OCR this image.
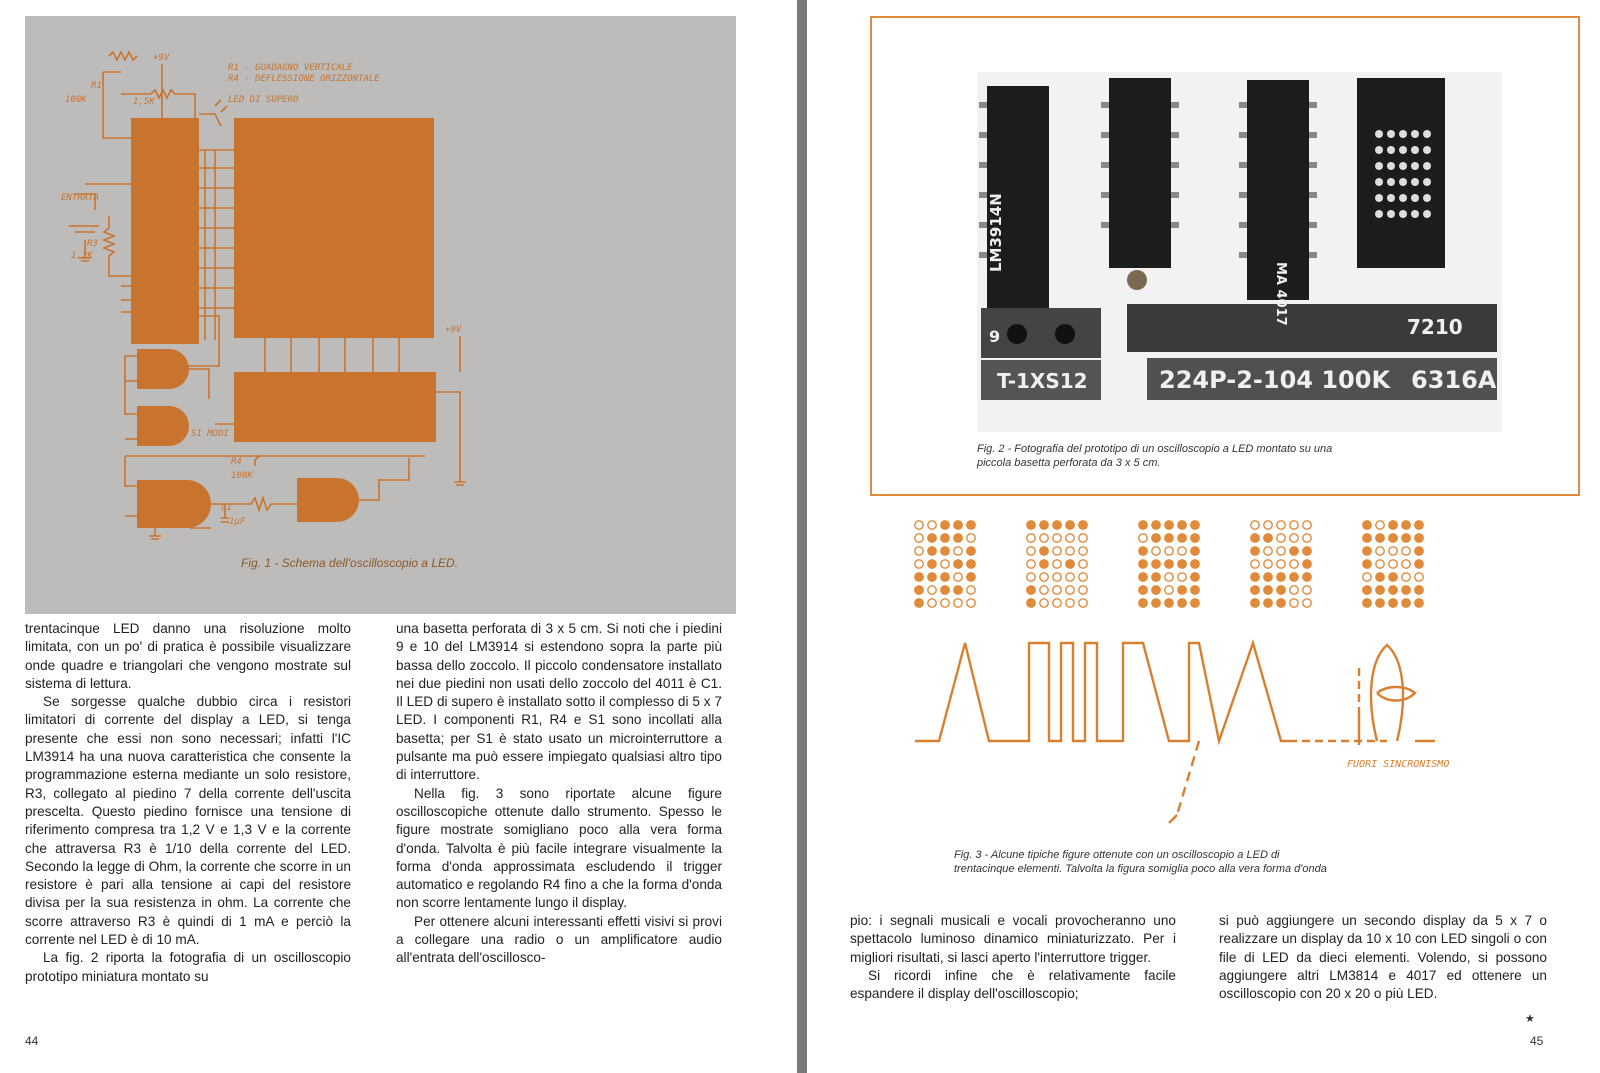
+9V
R1 - GUADAGNO VERTICALE
R4 - DEFLESSIONE ORIZZONTALE
LED DI SUPERO
R1
100K	1,5K
ENTRATA
R3
1,2K
+9V
S1 MODI
R4
100K
C1
1µF
Fig. 1 - Schema dell'oscilloscopio a LED.

trentacinque LED danno una risoluzione molto limitata, con un po' di pratica è possibile visualizzare onde quadre e triangolari che vengono mostrate sul sistema di lettura.

Se sorgesse qualche dubbio circa i resistori limitatori di corrente del display a LED, si tenga presente che essi non sono necessari; infatti l'IC LM3914 ha una nuova caratteristica che consente la programmazione esterna mediante un solo resistore, R3, collegato al piedino 7 della corrente dell'uscita prescelta. Questo piedino fornisce una tensione di riferimento compresa tra 1,2 V e 1,3 V e la corrente che attraversa R3 è 1/10 della corrente del LED. Secondo la legge di Ohm, la corrente che scorre in un resistore è pari alla tensione ai capi del resistore divisa per la sua resistenza in ohm. La corrente che scorre attraverso R3 è quindi di 1 mA e perciò la corrente nel LED è di 10 mA.

La fig. 2 riporta la fotografia di un oscilloscopio prototipo miniatura montato su

una basetta perforata di 3 x 5 cm. Si noti che i piedini 9 e 10 del LM3914 si estendono sopra la parte più bassa dello zoccolo. Il piccolo condensatore installato nei due piedini non usati dello zoccolo del 4011 è C1. Il LED di supero è installato sotto il complesso di 5 x 7 LED. I componenti R1, R4 e S1 sono incollati alla basetta; per S1 è stato usato un microinterruttore a pulsante ma può essere impiegato qualsiasi altro tipo di interruttore.

Nella fig. 3 sono riportate alcune figure oscilloscopiche ottenute dallo strumento. Spesso le figure mostrate somigliano poco alla vera forma d'onda. Talvolta è più facile integrare visualmente la forma d'onda approssimata escludendo il trigger automatico e regolando R4 fino a che la forma d'onda non scorre lentamente lungo il display.

Per ottenere alcuni interessanti effetti visivi si provi a collegare una radio o un amplificatore audio all'entrata dell'oscillosco-

44
LM3914N
MA 4017
7210
224P-2-104 100K 6316A
T-1XS12
9
Fig. 2 - Fotografia del prototipo di un oscilloscopio a LED montato su una
piccola basetta perforata da 3 x 5 cm.
FUORI SINCRONISMO
Fig. 3 - Alcune tipiche figure ottenute con un oscilloscopio a LED di
trentacinque elementi. Talvolta la figura somiglia poco alla vera forma d'onda

pio: i segnali musicali e vocali provocheranno uno spettacolo luminoso dinamico miniaturizzato. Per i migliori risultati, si lasci aperto l'interruttore trigger.

Si ricordi infine che è relativamente facile espandere il display dell'oscilloscopio;

si può aggiungere un secondo display da 5 x 7 o realizzare un display da 10 x 10 con LED singoli o con file di LED da dieci elementi. Volendo, si possono aggiungere altri LM3814 e 4017 ed ottenere un oscilloscopio con 20 x 20 o più LED.

★
45
